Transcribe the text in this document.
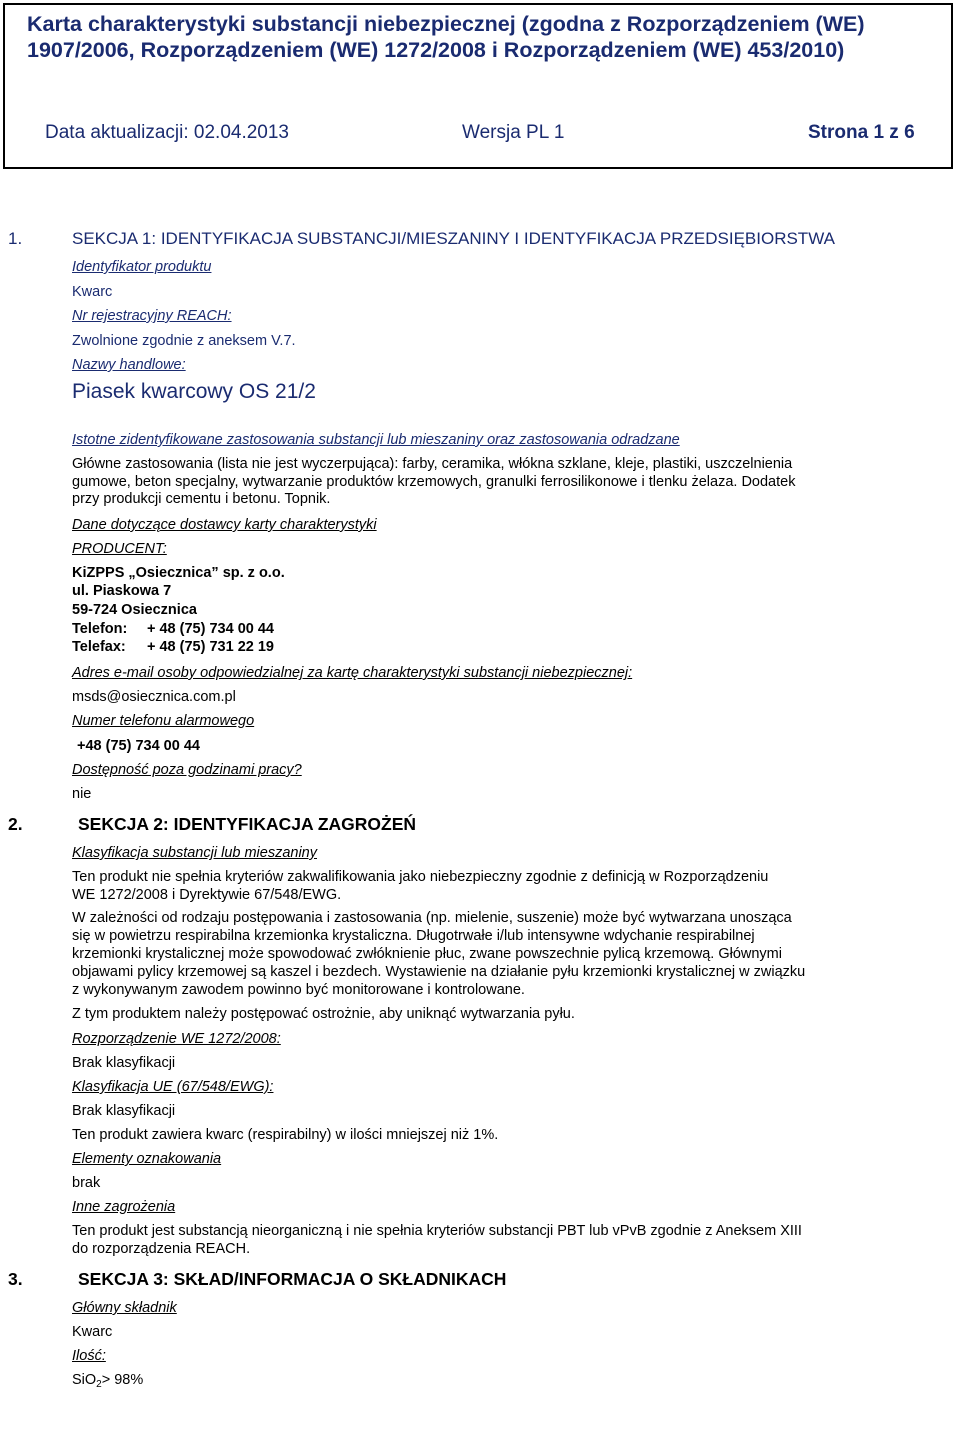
Karta charakterystyki substancji niebezpiecznej (zgodna z Rozporządzeniem (WE)
1907/2006, Rozporządzeniem (WE) 1272/2008 i Rozporządzeniem (WE) 453/2010)
Data aktualizacji: 02.04.2013	Wersja PL 1	Strona 1 z 6
1.	SEKCJA 1: IDENTYFIKACJA SUBSTANCJI/MIESZANINY I IDENTYFIKACJA PRZEDSIĘBIORSTWA
Identyfikator produktu
Kwarc
Nr rejestracyjny REACH:
Zwolnione zgodnie z aneksem V.7.
Nazwy handlowe:
Piasek kwarcowy OS 21/2
Istotne zidentyfikowane zastosowania substancji lub mieszaniny oraz zastosowania odradzane
Główne zastosowania (lista nie jest wyczerpująca): farby, ceramika, włókna szklane, kleje, plastiki, uszczelnienia
gumowe, beton specjalny, wytwarzanie produktów krzemowych, granulki ferrosilikonowe i tlenku żelaza. Dodatek
przy produkcji cementu i betonu. Topnik.
Dane dotyczące dostawcy karty charakterystyki
PRODUCENT:
KiZPPS „Osiecznica” sp. z o.o.
ul. Piaskowa 7
59-724 Osiecznica
Telefon: + 48 (75) 734 00 44
Telefax: + 48 (75) 731 22 19
Adres e-mail osoby odpowiedzialnej za kartę charakterystyki substancji niebezpiecznej:
msds@osiecznica.com.pl
Numer telefonu alarmowego
+48 (75) 734 00 44
Dostępność poza godzinami pracy?
nie
2.	SEKCJA 2: IDENTYFIKACJA ZAGROŻEŃ
Klasyfikacja substancji lub mieszaniny
Ten produkt nie spełnia kryteriów zakwalifikowania jako niebezpieczny zgodnie z definicją w Rozporządzeniu
WE 1272/2008 i Dyrektywie 67/548/EWG.
W zależności od rodzaju postępowania i zastosowania (np. mielenie, suszenie) może być wytwarzana unosząca
się w powietrzu respirabilna krzemionka krystaliczna. Długotrwałe i/lub intensywne wdychanie respirabilnej
krzemionki krystalicznej może spowodować zwłóknienie płuc, zwane powszechnie pylicą krzemową. Głównymi
objawami pylicy krzemowej są kaszel i bezdech. Wystawienie na działanie pyłu krzemionki krystalicznej w związku
z wykonywanym zawodem powinno być monitorowane i kontrolowane.
Z tym produktem należy postępować ostrożnie, aby uniknąć wytwarzania pyłu.
Rozporządzenie WE 1272/2008:
Brak klasyfikacji
Klasyfikacja UE (67/548/EWG):
Brak klasyfikacji
Ten produkt zawiera kwarc (respirabilny) w ilości mniejszej niż 1%.
Elementy oznakowania
brak
Inne zagrożenia
Ten produkt jest substancją nieorganiczną i nie spełnia kryteriów substancji PBT lub vPvB zgodnie z Aneksem XIII
do rozporządzenia REACH.
3.	SEKCJA 3: SKŁAD/INFORMACJA O SKŁADNIKACH
Główny składnik
Kwarc
Ilość:
SiO$_2$> 98%
